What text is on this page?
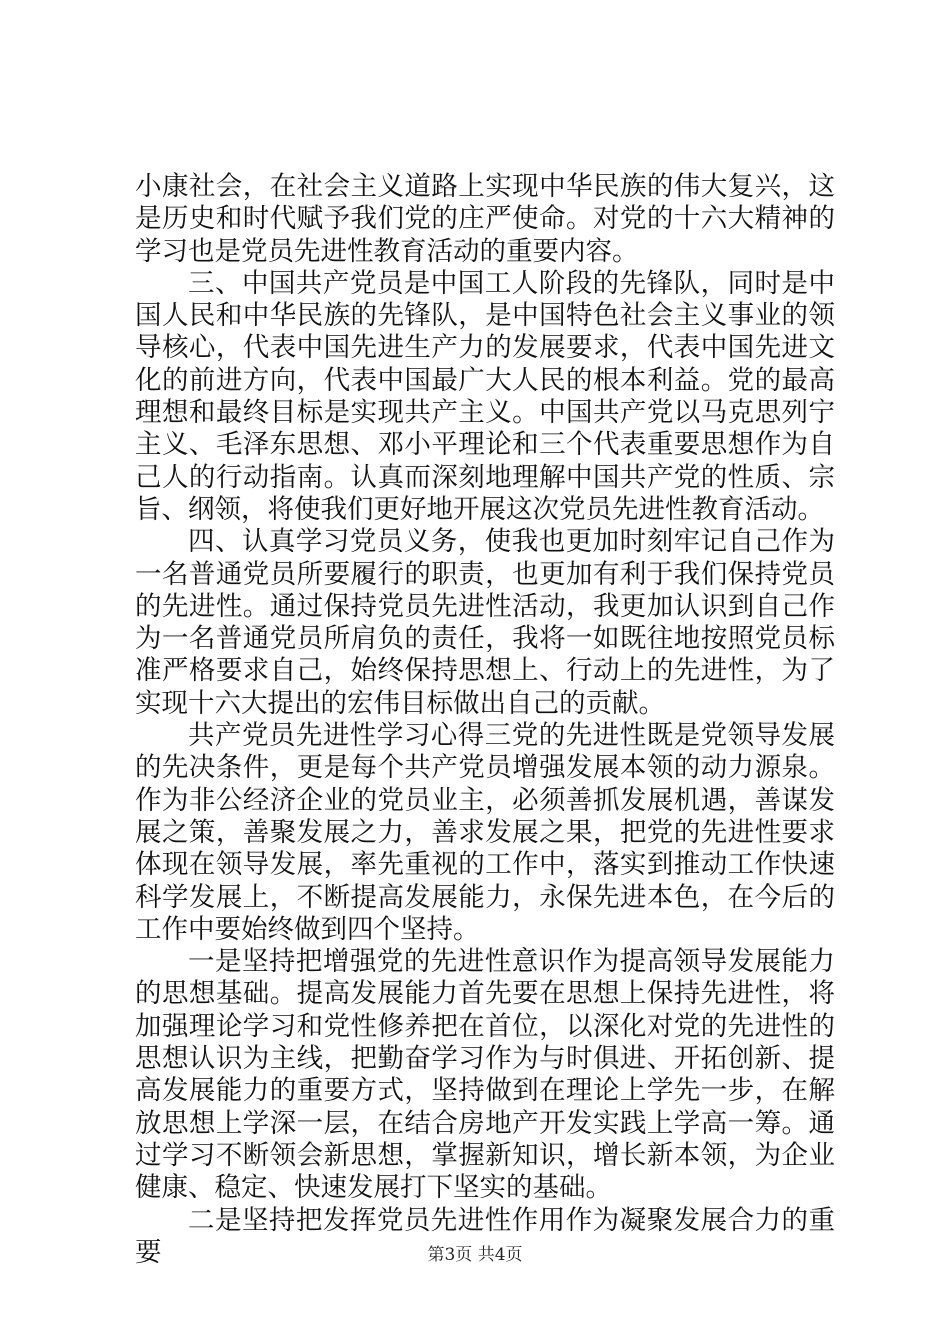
小康社会，在社会主义道路上实现中华民族的伟大复兴，这是历史和时代赋予我们党的庄严使命。对党的十六大精神的学习也是党员先进性教育活动的重要内容。

三、中国共产党员是中国工人阶段的先锋队，同时是中国人民和中华民族的先锋队，是中国特色社会主义事业的领导核心，代表中国先进生产力的发展要求，代表中国先进文化的前进方向，代表中国最广大人民的根本利益。党的最高理想和最终目标是实现共产主义。中国共产党以马克思列宁主义、毛泽东思想、邓小平理论和三个代表重要思想作为自己人的行动指南。认真而深刻地理解中国共产党的性质、宗旨、纲领，将使我们更好地开展这次党员先进性教育活动。

四、认真学习党员义务，使我也更加时刻牢记自己作为一名普通党员所要履行的职责，也更加有利于我们保持党员的先进性。通过保持党员先进性活动，我更加认识到自己作为一名普通党员所肩负的责任，我将一如既往地按照党员标准严格要求自己，始终保持思想上、行动上的先进性，为了实现十六大提出的宏伟目标做出自己的贡献。

共产党员先进性学习心得三党的先进性既是党领导发展的先决条件，更是每个共产党员增强发展本领的动力源泉。作为非公经济企业的党员业主，必须善抓发展机遇，善谋发展之策，善聚发展之力，善求发展之果，把党的先进性要求体现在领导发展，率先重视的工作中，落实到推动工作快速科学发展上，不断提高发展能力，永保先进本色，在今后的工作中要始终做到四个坚持。

一是坚持把增强党的先进性意识作为提高领导发展能力的思想基础。提高发展能力首先要在思想上保持先进性，将加强理论学习和党性修养把在首位，以深化对党的先进性的思想认识为主线，把勤奋学习作为与时俱进、开拓创新、提高发展能力的重要方式，坚持做到在理论上学先一步，在解放思想上学深一层，在结合房地产开发实践上学高一筹。通过学习不断领会新思想，掌握新知识，增长新本领，为企业健康、稳定、快速发展打下坚实的基础。

二是坚持把发挥党员先进性作用作为凝聚发展合力的重要	第3页 共4页
